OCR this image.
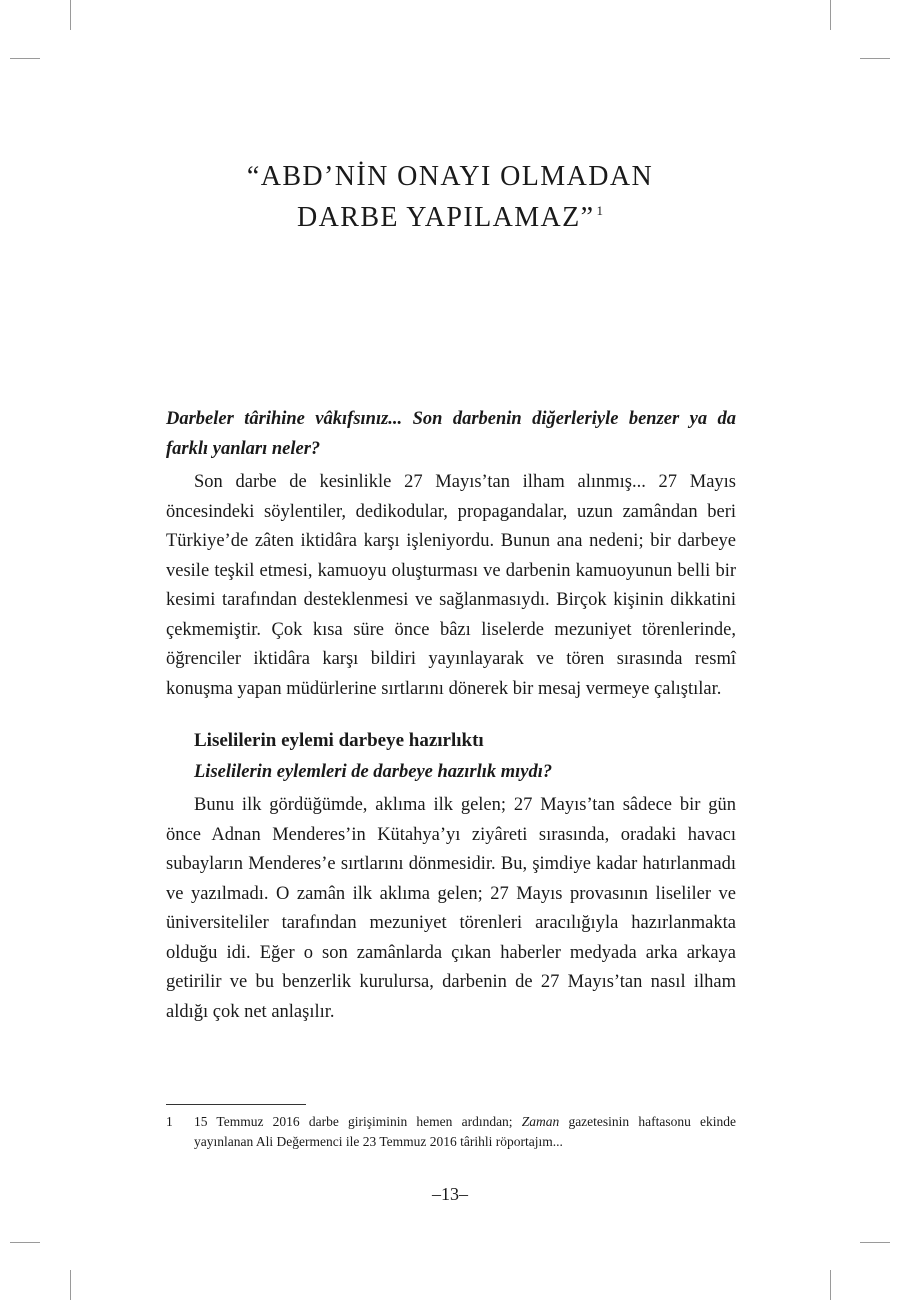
“ABD’NİN ONAYI OLMADAN
DARBE YAPILAMAZ” $^1$

Darbeler târihine vâkıfsınız... Son darbenin diğerleriyle benzer ya da farklı yanları neler?

Son darbe de kesinlikle 27 Mayıs’tan ilham alınmış... 27 Mayıs öncesindeki söylentiler, dedikodular, propagandalar, uzun zamândan beri Türkiye’de zâten iktidâra karşı işleniyordu. Bunun ana nedeni; bir darbeye vesile teşkil etmesi, kamuoyu oluşturması ve darbenin kamuoyunun belli bir kesimi tarafından desteklenmesi ve sağlanmasıydı. Birçok kişinin dikkatini çekmemiştir. Çok kısa süre önce bâzı liselerde mezuniyet törenlerinde, öğrenciler iktidâra karşı bildiri yayınlayarak ve tören sırasında resmî konuşma yapan müdürlerine sırtlarını dönerek bir mesaj vermeye çalıştılar.

Liselilerin eylemi darbeye hazırlıktı

Liselilerin eylemleri de darbeye hazırlık mıydı?

Bunu ilk gördüğümde, aklıma ilk gelen; 27 Mayıs’tan sâdece bir gün önce Adnan Menderes’in Kütahya’yı ziyâreti sırasında, oradaki havacı subayların Menderes’e sırtlarını dönmesidir. Bu, şimdiye kadar hatırlanmadı ve yazılmadı. O zamân ilk aklıma gelen; 27 Mayıs provasının liseliler ve üniversiteliler tarafından mezuniyet törenleri aracılığıyla hazırlanmakta olduğu idi. Eğer o son zamânlarda çıkan haberler medyada arka arkaya getirilir ve bu benzerlik kurulursa, darbenin de 27 Mayıs’tan nasıl ilham aldığı çok net anlaşılır.

1 15 Temmuz 2016 darbe girişiminin hemen ardından; Zaman gazetesinin haftasonu ekinde yayınlanan Ali Değermenci ile 23 Temmuz 2016 târihli röportajım...
–13–
